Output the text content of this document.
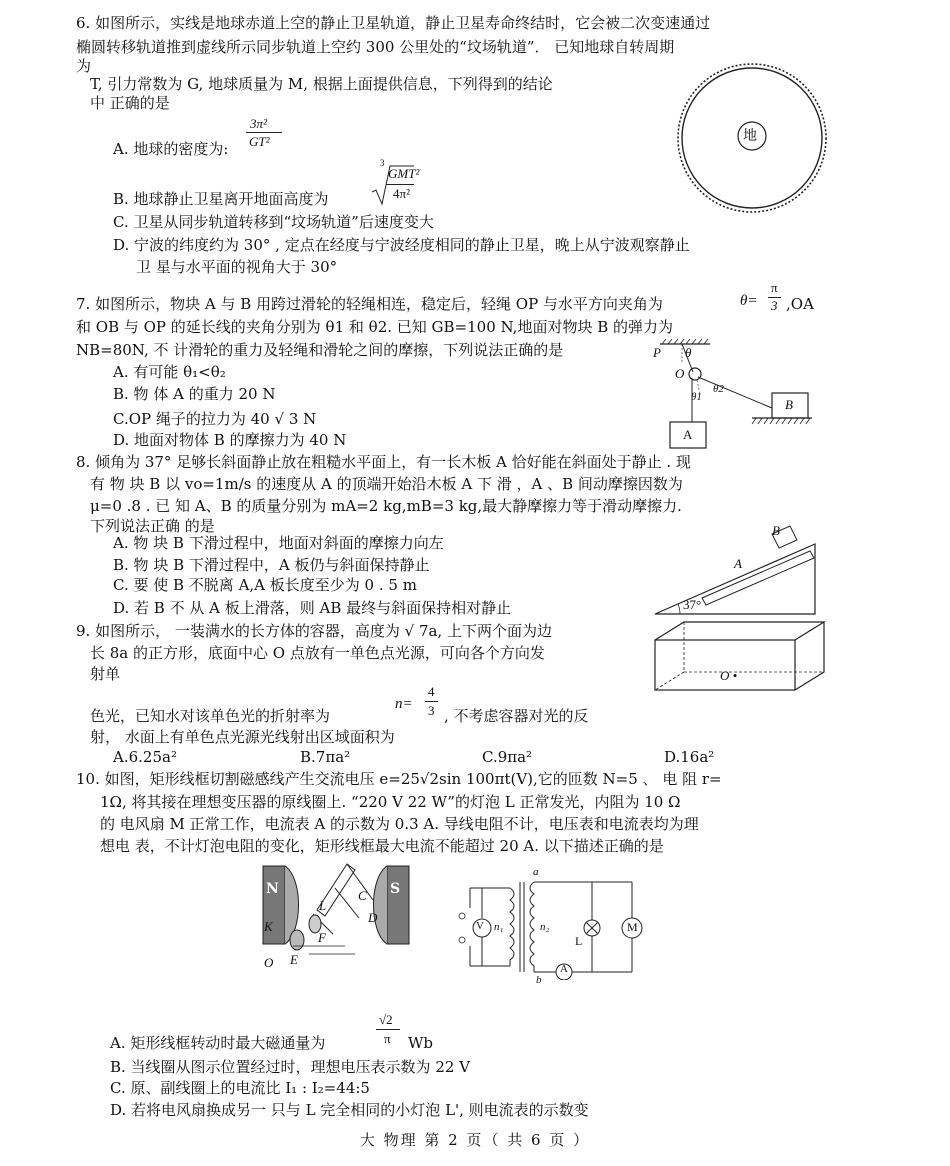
6. 如图所示，实线是地球赤道上空的静止卫星轨道，静止卫星寿命终结时，它会被二次变速通过
椭圆转移轨道推到虚线所示同步轨道上空约 300 公里处的“坟场轨道”． 已知地球自转周期
为
T, 引力常数为 G, 地球质量为 M, 根据上面提供信息，下列得到的结论
中 正确的是
A. 地球的密度为:
3π²
GT²
B. 地球静止卫星离开地面高度为
3
GMT²
4π²
C. 卫星从同步轨道转移到“坟场轨道”后速度变大
D. 宁波的纬度约为 30° , 定点在经度与宁波经度相同的静止卫星，晚上从宁波观察静止
卫 星与水平面的视角大于 30°
地
7. 如图所示，物块 A 与 B 用跨过滑轮的轻绳相连，稳定后，轻绳 OP 与水平方向夹角为	θ=
π
3 ,OA
和 OB 与 OP 的延长线的夹角分别为 θ1 和 θ2. 已知 GB=100 N,地面对物块 B 的弹力为
NB=80N, 不 计滑轮的重力及轻绳和滑轮之间的摩擦，下列说法正确的是
A. 有可能 θ₁<θ₂
B. 物 体 A 的重力 20 N
C.OP 绳子的拉力为 40 √ 3 N
D. 地面对物体 B 的摩擦力为 40 N
P θ
O
θ1
θ2
A
B
8. 倾角为 37° 足够长斜面静止放在粗糙水平面上，有一长木板 A 恰好能在斜面处于静止 . 现
有 物 块 B 以 vo=1m/s 的速度从 A 的顶端开始沿木板 A 下 滑 ，A 、B 间动摩擦因数为
μ=0 .8 . 已 知 A、B 的质量分别为 mA=2 kg,mB=3 kg,最大静摩擦力等于滑动摩擦力.
下列说法正确 的是
A. 物 块 B 下滑过程中，地面对斜面的摩擦力向左
B. 物 块 B 下滑过程中，A 板仍与斜面保持静止
C. 要 使 B 不脱离 A,A 板长度至少为 0 . 5 m
D. 若 B 不 从 A 板上滑落，则 AB 最终与斜面保持相对静止
B
A
37°
9. 如图所示， 一装满水的长方体的容器，高度为 √ 7a, 上下两个面为边
长 8a 的正方形，底面中心 O 点放有一单色点光源，可向各个方向发
射单
色光，已知水对该单色光的折射率为
n=
4
3 , 不考虑容器对光的反
射， 水面上有单色点光源光线射出区域面积为
A.6.25a²	B.7πa²	C.9πa²	D.16a²
O •
10. 如图，矩形线框切割磁感线产生交流电压 e=25√2sin 100πt(V),它的匝数 N=5 、 电 阻 r=
1Ω, 将其接在理想变压器的原线圈上. “220 V 22 W”的灯泡 L 正常发光，内阻为 10 Ω
的 电风扇 M 正常工作，电流表 A 的示数为 0.3 A. 导线电阻不计，电压表和电流表均为理
想电 表，不计灯泡电阻的变化，矩形线框最大电流不能超过 20 A. 以下描述正确的是
N	S
L
C
D
K
F
O E
V n₁	n₂
a
b
L
A
M
A. 矩形线框转动时最大磁通量为
√2
π Wb
B. 当线圈从图示位置经过时，理想电压表示数为 22 V
C. 原、副线圈上的电流比 I₁ : I₂=44:5
D. 若将电风扇换成另一 只与 L 完全相同的小灯泡 L', 则电流表的示数变
大 物理 第 2 页（ 共 6 页 ）
